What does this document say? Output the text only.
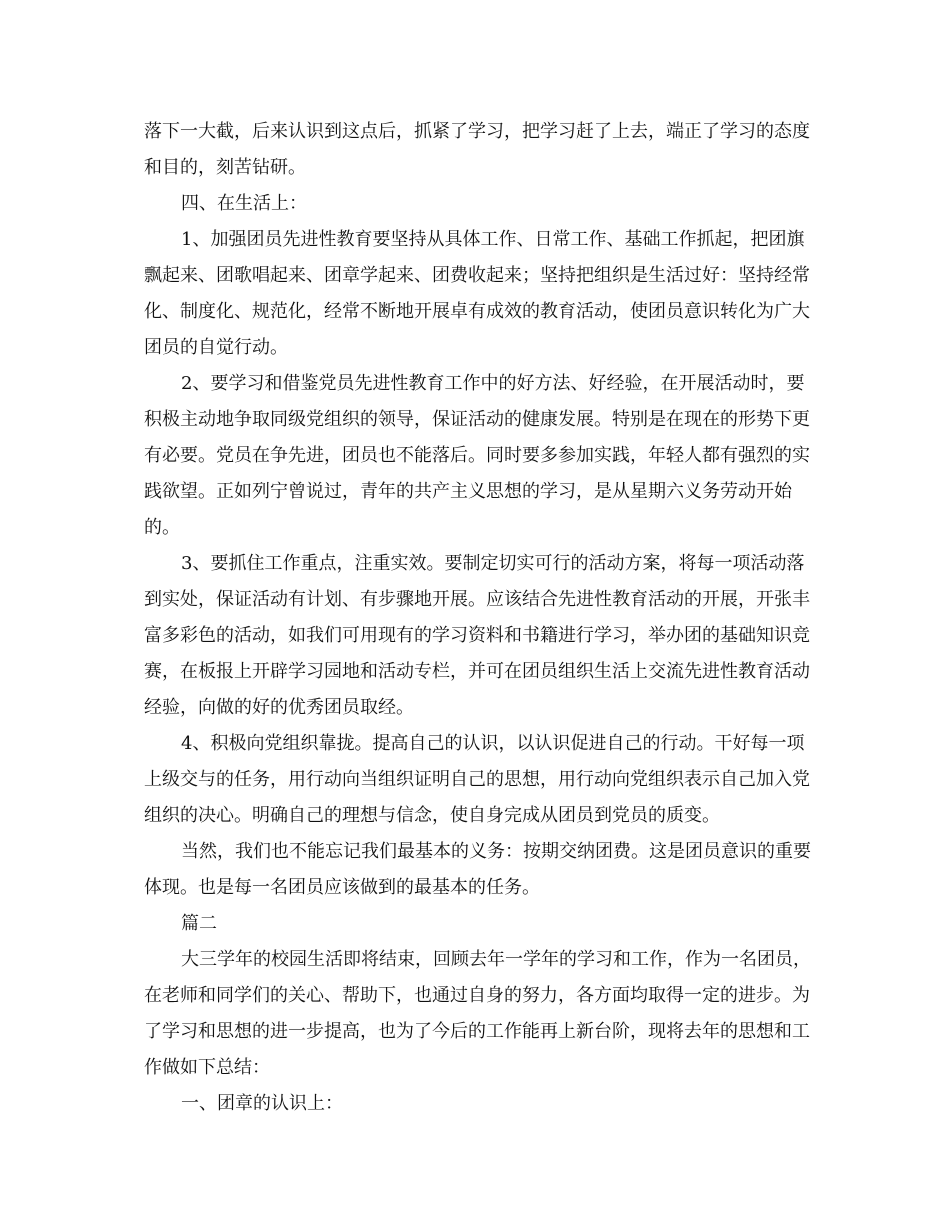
落下一大截，后来认识到这点后，抓紧了学习，把学习赶了上去，端正了学习的态度和目的，刻苦钻研。

四、在生活上：

1、加强团员先进性教育要坚持从具体工作、日常工作、基础工作抓起，把团旗飘起来、团歌唱起来、团章学起来、团费收起来；坚持把组织是生活过好：坚持经常化、制度化、规范化，经常不断地开展卓有成效的教育活动，使团员意识转化为广大团员的自觉行动。

2、要学习和借鉴党员先进性教育工作中的好方法、好经验，在开展活动时，要积极主动地争取同级党组织的领导，保证活动的健康发展。特别是在现在的形势下更有必要。党员在争先进，团员也不能落后。同时要多参加实践，年轻人都有强烈的实践欲望。正如列宁曾说过，青年的共产主义思想的学习，是从星期六义务劳动开始的。

3、要抓住工作重点，注重实效。要制定切实可行的活动方案，将每一项活动落到实处，保证活动有计划、有步骤地开展。应该结合先进性教育活动的开展，开张丰富多彩色的活动，如我们可用现有的学习资料和书籍进行学习，举办团的基础知识竞赛，在板报上开辟学习园地和活动专栏，并可在团员组织生活上交流先进性教育活动经验，向做的好的优秀团员取经。

4、积极向党组织靠拢。提高自己的认识，以认识促进自己的行动。干好每一项上级交与的任务，用行动向当组织证明自己的思想，用行动向党组织表示自己加入党组织的决心。明确自己的理想与信念，使自身完成从团员到党员的质变。

当然，我们也不能忘记我们最基本的义务：按期交纳团费。这是团员意识的重要体现。也是每一名团员应该做到的最基本的任务。

篇二

大三学年的校园生活即将结束，回顾去年一学年的学习和工作，作为一名团员，在老师和同学们的关心、帮助下，也通过自身的努力，各方面均取得一定的进步。为了学习和思想的进一步提高，也为了今后的工作能再上新台阶，现将去年的思想和工作做如下总结：

一、团章的认识上：
